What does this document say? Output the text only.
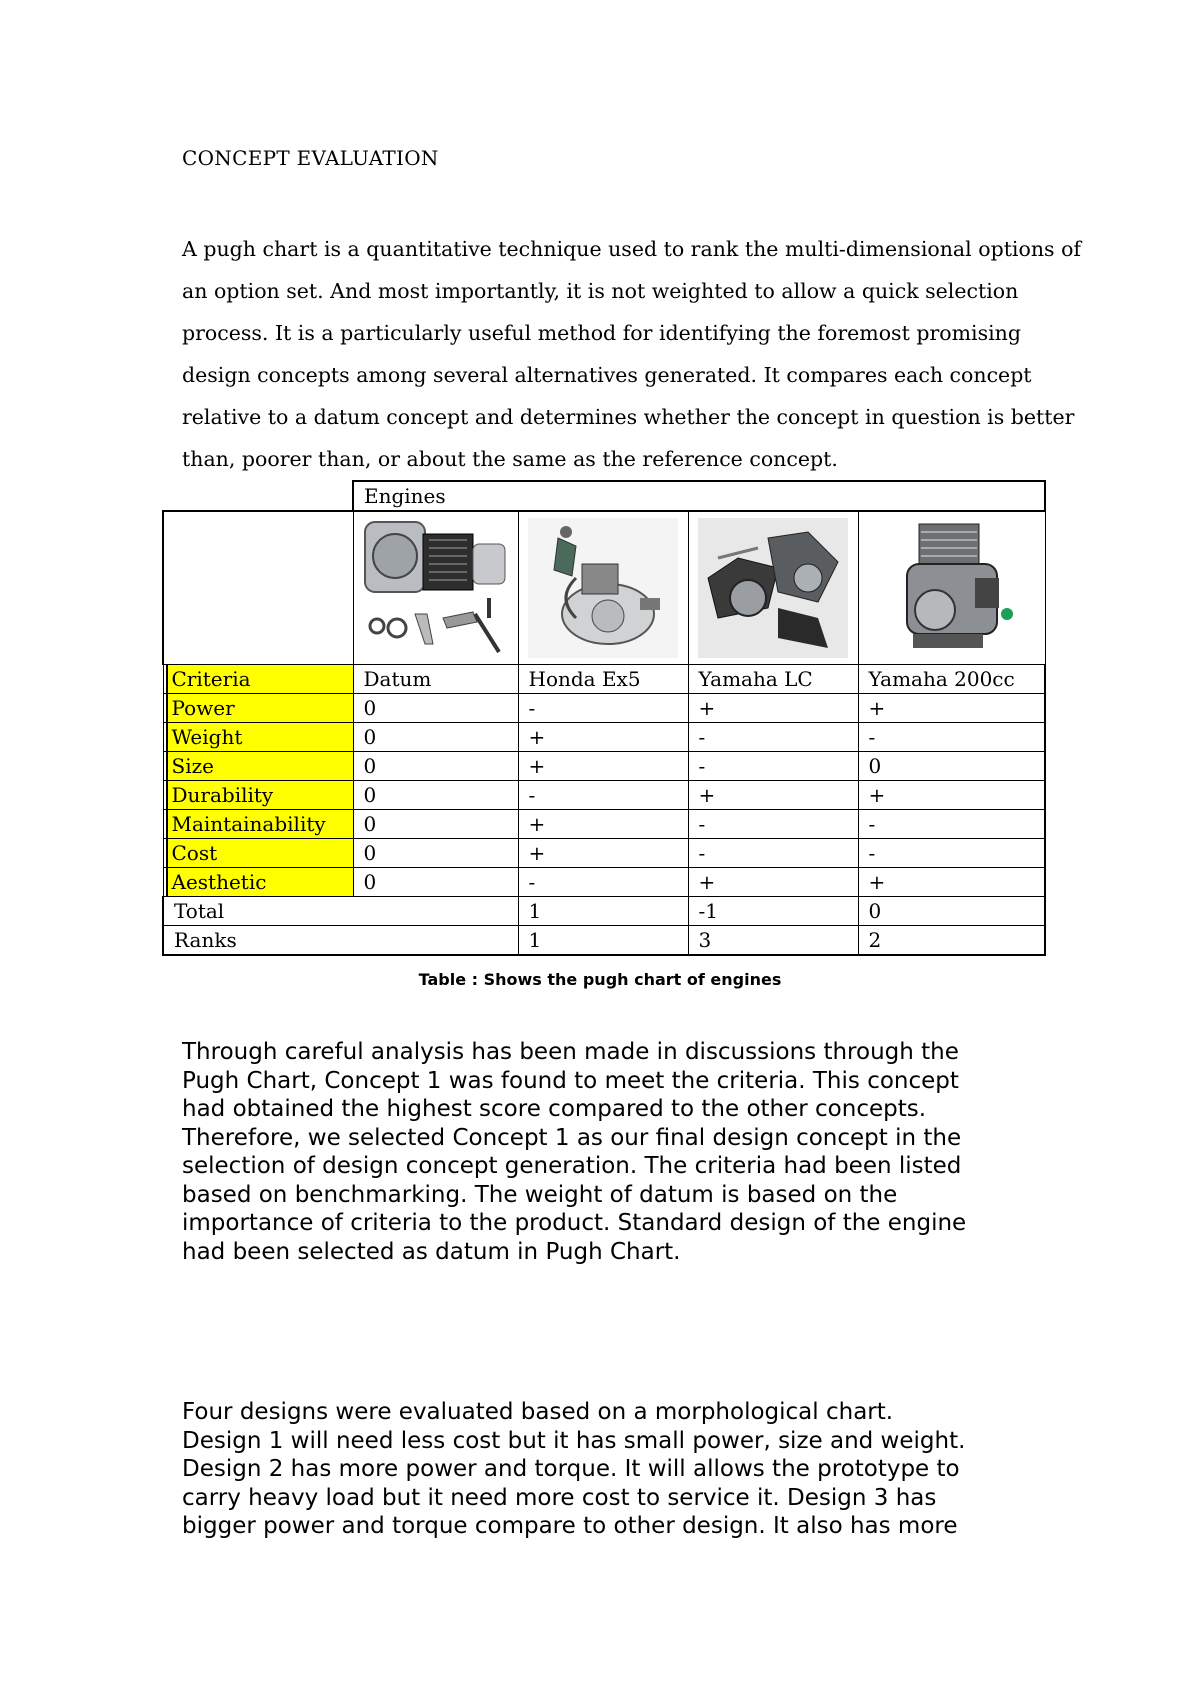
CONCEPT EVALUATION

A pugh chart is a quantitative technique used to rank the multi-dimensional options of

an option set. And most importantly, it is not weighted to allow a quick selection

process. It is a particularly useful method for identifying the foremost promising

design concepts among several alternatives generated. It compares each concept

relative to a datum concept and determines whether the concept in question is better

than, poorer than, or about the same as the reference concept.

	Engines			

Criteria	Datum	Honda Ex5	Yamaha LC	Yamaha 200cc

Power	0	-	+	+

Weight	0	+	-	-

Size	0	+	-	0

Durability	0	-	+	+

Maintainability	0	+	-	-

Cost	0	+	-	-

Aesthetic	0	-	+	+
Total		1	-1	0
Ranks		1	3	2
Table : Shows the pugh chart of engines

Through careful analysis has been made in discussions through the

Pugh Chart, Concept 1 was found to meet the criteria. This concept

had obtained the highest score compared to the other concepts.

Therefore, we selected Concept 1 as our final design concept in the

selection of design concept generation. The criteria had been listed

based on benchmarking. The weight of datum is based on the

importance of criteria to the product. Standard design of the engine

had been selected as datum in Pugh Chart.

Four designs were evaluated based on a morphological chart.

Design 1 will need less cost but it has small power, size and weight.

Design 2 has more power and torque. It will allows the prototype to

carry heavy load but it need more cost to service it. Design 3 has

bigger power and torque compare to other design. It also has more
